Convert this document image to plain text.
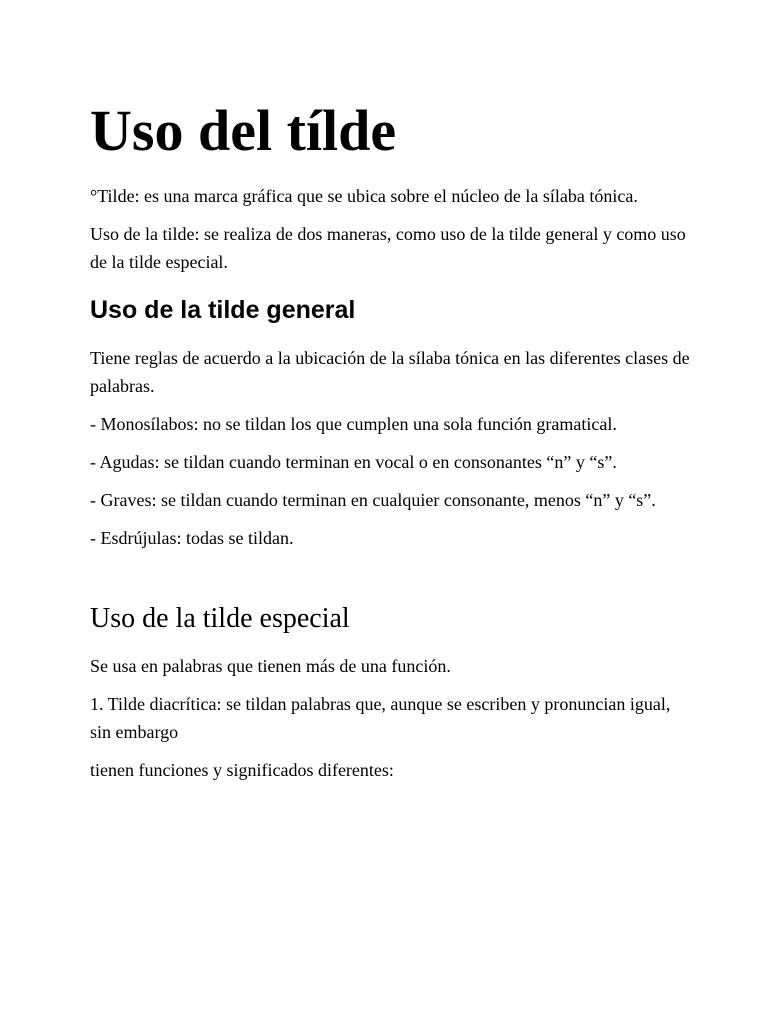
Uso del tílde

°Tilde: es una marca gráfica que se ubica sobre el núcleo de la sílaba tónica.

Uso de la tilde: se realiza de dos maneras, como uso de la tilde general y como uso de la tilde especial.

Uso de la tilde general

Tiene reglas de acuerdo a la ubicación de la sílaba tónica en las diferentes clases de palabras.

- Monosílabos: no se tildan los que cumplen una sola función gramatical.

- Agudas: se tildan cuando terminan en vocal o en consonantes “n” y “s”.

- Graves: se tildan cuando terminan en cualquier consonante, menos “n” y “s”.

- Esdrújulas: todas se tildan.

Uso de la tilde especial

Se usa en palabras que tienen más de una función.

1. Tilde diacrítica: se tildan palabras que, aunque se escriben y pronuncian igual, sin embargo

tienen funciones y significados diferentes:
